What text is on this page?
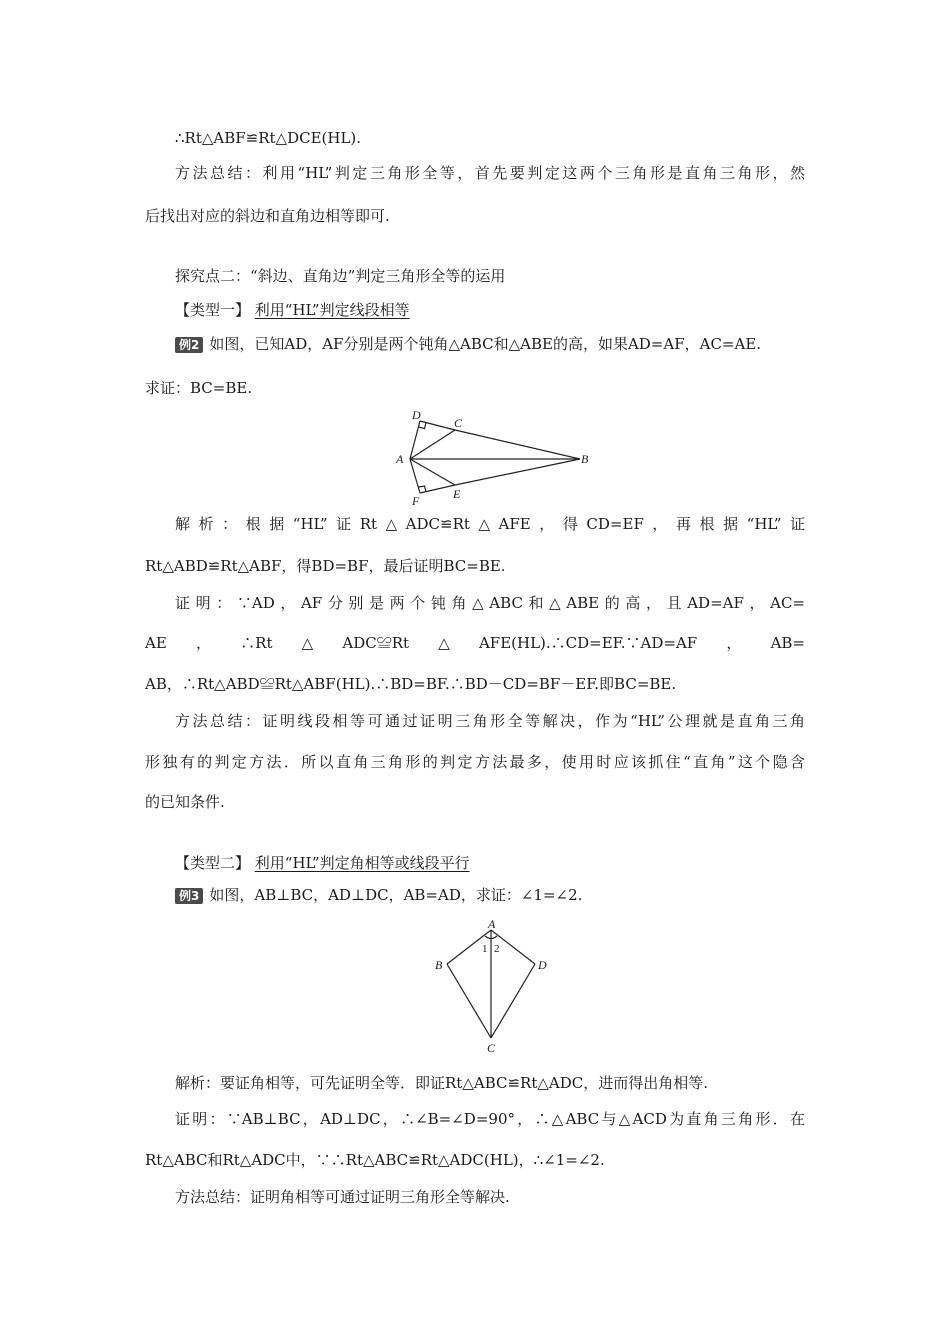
∴Rt△ABF≌Rt△DCE(HL).
方法总结：利用“HL”判定三角形全等，首先要判定这两个三角形是直角三角形，然
后找出对应的斜边和直角边相等即可.
探究点二：“斜边、直角边”判定三角形全等的运用
【类型一】 利用“HL”判定线段相等
例2 如图，已知AD，AF分别是两个钝角△ABC和△ABE的高，如果AD=AF，AC=AE.
求证：BC=BE.
D
C
A	B
E
F
解析：根据“HL”证Rt△ADC≌Rt△AFE，得CD=EF，再根据“HL”证
Rt△ABD≌Rt△ABF，得BD=BF，最后证明BC=BE.
证明：∵AD，AF分别是两个钝角△ABC和△ABE的高，且AD=AF，AC=
AE，∴Rt△ADC≌Rt△AFE(HL).∴CD=EF.∵AD=AF，AB=
AB，∴Rt△ABD≌Rt△ABF(HL).∴BD=BF.∴BD－CD=BF－EF.即BC=BE.
方法总结：证明线段相等可通过证明三角形全等解决，作为“HL”公理就是直角三角
形独有的判定方法．所以直角三角形的判定方法最多，使用时应该抓住“直角”这个隐含
的已知条件.
【类型二】 利用“HL”判定角相等或线段平行
例3 如图，AB⊥BC，AD⊥DC，AB=AD，求证：∠1=∠2.
A
B	D
C
1 2
解析：要证角相等，可先证明全等．即证Rt△ABC≌Rt△ADC，进而得出角相等.
证明：∵AB⊥BC，AD⊥DC，∴∠B=∠D=90°，∴△ABC与△ACD为直角三角形．在
Rt△ABC和Rt△ADC中，∵∴Rt△ABC≌Rt△ADC(HL)，∴∠1=∠2.
方法总结：证明角相等可通过证明三角形全等解决.
